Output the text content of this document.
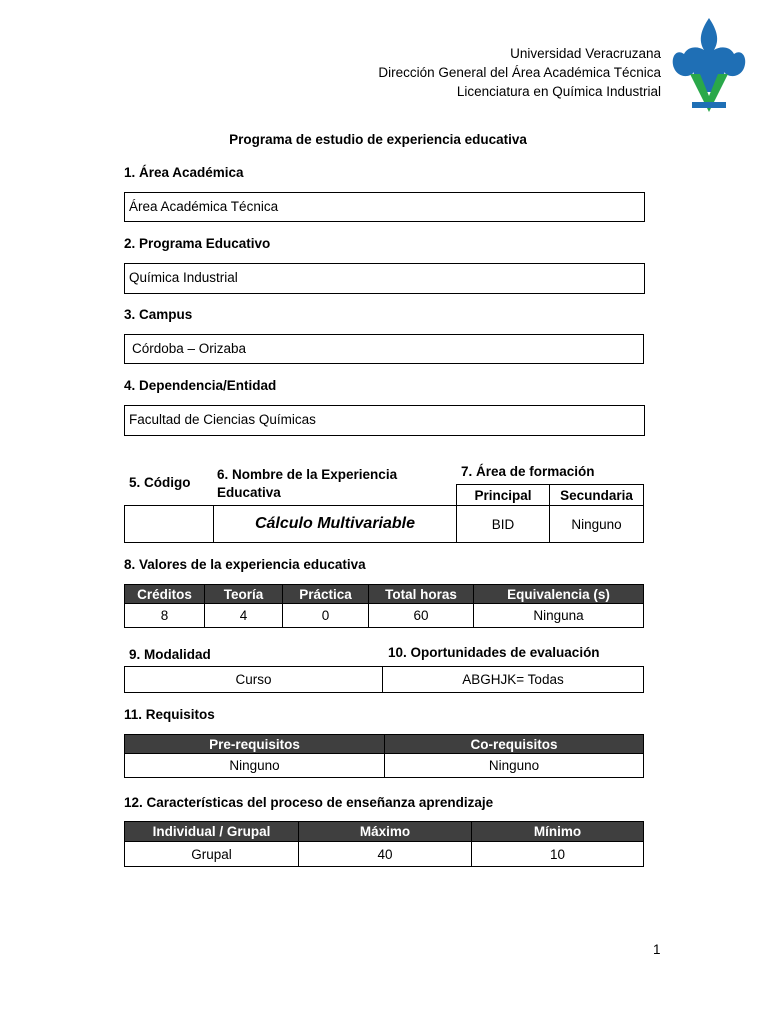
Universidad Veracruzana
Dirección General del Área Académica Técnica
Licenciatura en Química Industrial
Programa de estudio de experiencia educativa
1. Área Académica
Área Académica Técnica
2. Programa Educativo
Química Industrial
3. Campus
Córdoba – Orizaba
4. Dependencia/Entidad
Facultad de Ciencias Químicas
5. Código
6. Nombre de la Experiencia Educativa
7. Área de formación
Principal	Secundaria
	Cálculo Multivariable	BID	Ninguno
8. Valores de la experiencia educativa
Créditos	Teoría	Práctica	Total horas	Equivalencia (s)
8	4	0	60	Ninguna
9. Modalidad	10. Oportunidades de evaluación
Curso	ABGHJK= Todas
11. Requisitos
Pre-requisitos	Co-requisitos
Ninguno	Ninguno
12. Características del proceso de enseñanza aprendizaje
Individual / Grupal	Máximo	Mínimo
Grupal	40	10
1
